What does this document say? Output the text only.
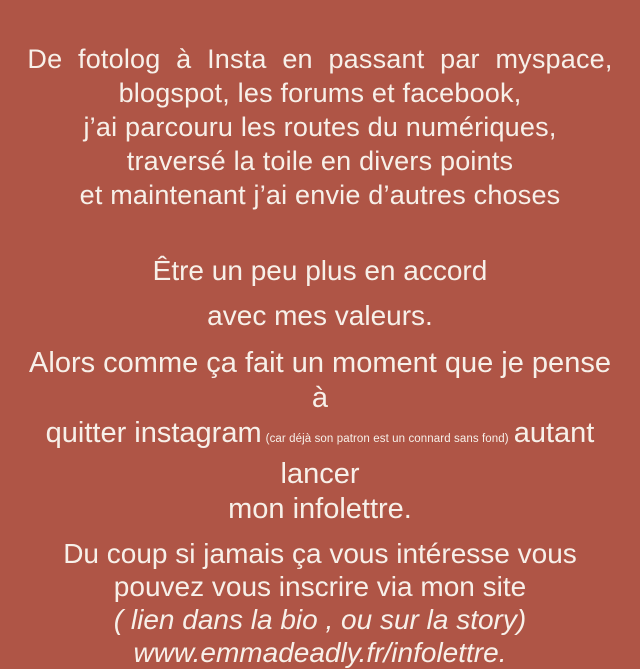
De fotolog à Insta en passant par myspace,
blogspot, les forums et facebook,
j’ai parcouru les routes du numériques,
traversé la toile en divers points
et maintenant j’ai envie d’autres choses

Être un peu plus en accord
avec mes valeurs.

Alors comme ça fait un moment que je pense à
quitter instagram (car déjà son patron est un connard sans fond) autant lancer
mon infolettre.

Du coup si jamais ça vous intéresse vous
pouvez vous inscrire via mon site
( lien dans la bio , ou sur la story)
www.emmadeadly.fr/infolettre.
